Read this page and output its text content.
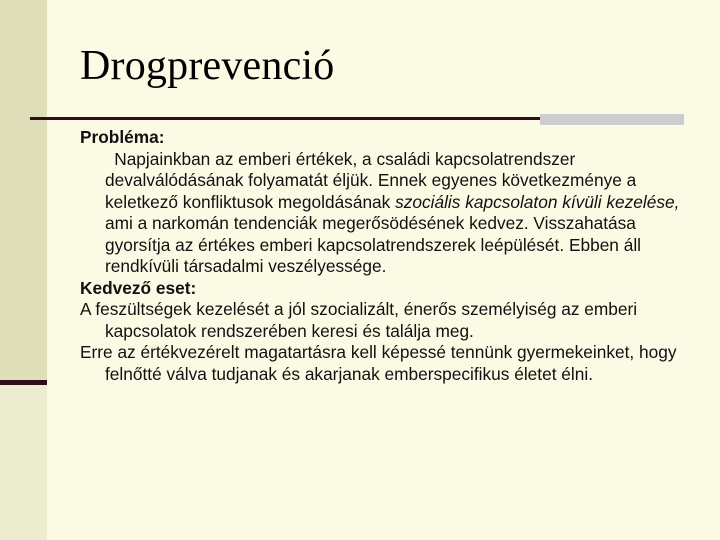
Drogprevenció

Probléma:

Napjainkban az emberi értékek, a családi kapcsolatrendszer devalválódásának folyamatát éljük. Ennek egyenes következménye a keletkező konfliktusok megoldásának szociális kapcsolaton kívüli kezelése, ami a narkomán tendenciák megerősödésének kedvez. Visszahatása gyorsítja az értékes emberi kapcsolatrendszerek leépülését. Ebben áll rendkívüli társadalmi veszélyessége.

Kedvező eset:

A feszültségek kezelését a jól szocializált, énerős személyiség az emberi kapcsolatok rendszerében keresi és találja meg.

Erre az értékvezérelt magatartásra kell képessé tennünk gyermekeinket, hogy felnőtté válva tudjanak és akarjanak emberspecifikus életet élni.
